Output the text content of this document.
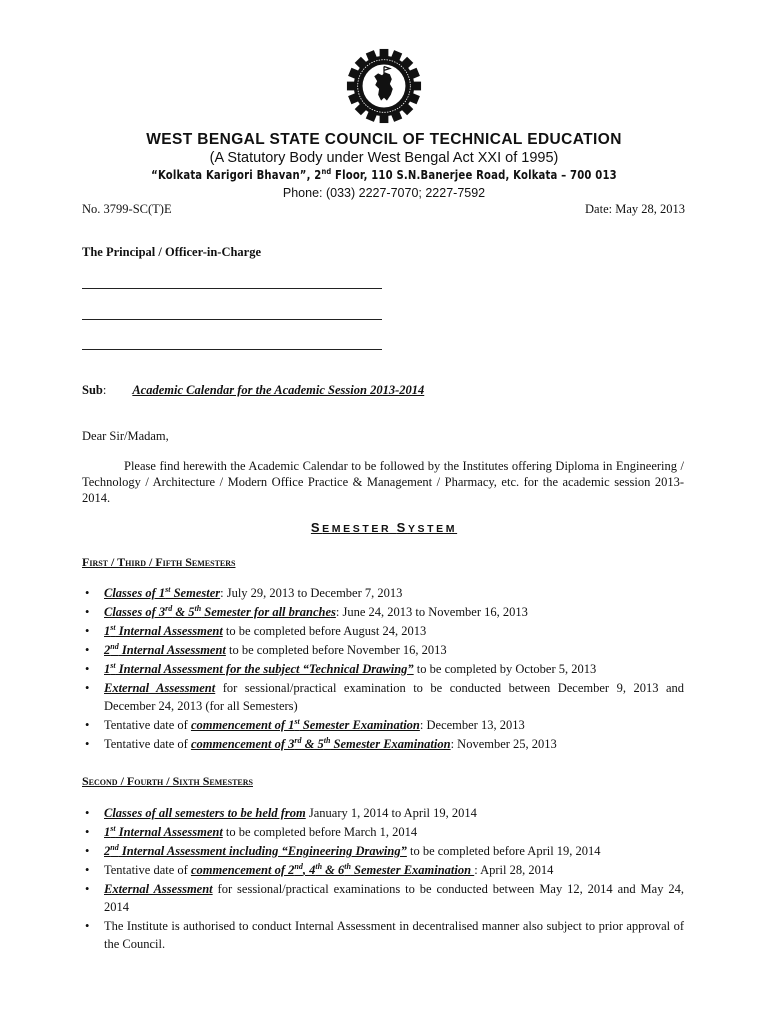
WEST BENGAL STATE COUNCIL OF TECHNICAL EDUCATION
(A Statutory Body under West Bengal Act XXI of 1995)
“Kolkata Karigori Bhavan”, 2nd Floor, 110 S.N.Banerjee Road, Kolkata – 700 013
Phone: (033) 2227-7070; 2227-7592
No. 3799-SC(T)E	Date: May 28, 2013
The Principal / Officer-in-Charge
Sub: Academic Calendar for the Academic Session 2013-2014
Dear Sir/Madam,
Please find herewith the Academic Calendar to be followed by the Institutes offering Diploma in Engineering / Technology / Architecture / Modern Office Practice & Management / Pharmacy, etc. for the academic session 2013-2014.
SEMESTER SYSTEM
First / Third / Fifth Semesters
• Classes of 1st Semester: July 29, 2013 to December 7, 2013
• Classes of 3rd & 5th Semester for all branches: June 24, 2013 to November 16, 2013
• 1st Internal Assessment to be completed before August 24, 2013
• 2nd Internal Assessment to be completed before November 16, 2013
• 1st Internal Assessment for the subject “Technical Drawing” to be completed by October 5, 2013
• External Assessment for sessional/practical examination to be conducted between December 9, 2013 and December 24, 2013 (for all Semesters)
• Tentative date of commencement of 1st Semester Examination: December 13, 2013
• Tentative date of commencement of 3rd & 5th Semester Examination: November 25, 2013
Second / Fourth / Sixth Semesters
• Classes of all semesters to be held from January 1, 2014 to April 19, 2014
• 1st Internal Assessment to be completed before March 1, 2014
• 2nd Internal Assessment including “Engineering Drawing” to be completed before April 19, 2014
• Tentative date of commencement of 2nd, 4th & 6th Semester Examination : April 28, 2014
• External Assessment for sessional/practical examinations to be conducted between May 12, 2014 and May 24, 2014
• The Institute is authorised to conduct Internal Assessment in decentralised manner also subject to prior approval of the Council.
